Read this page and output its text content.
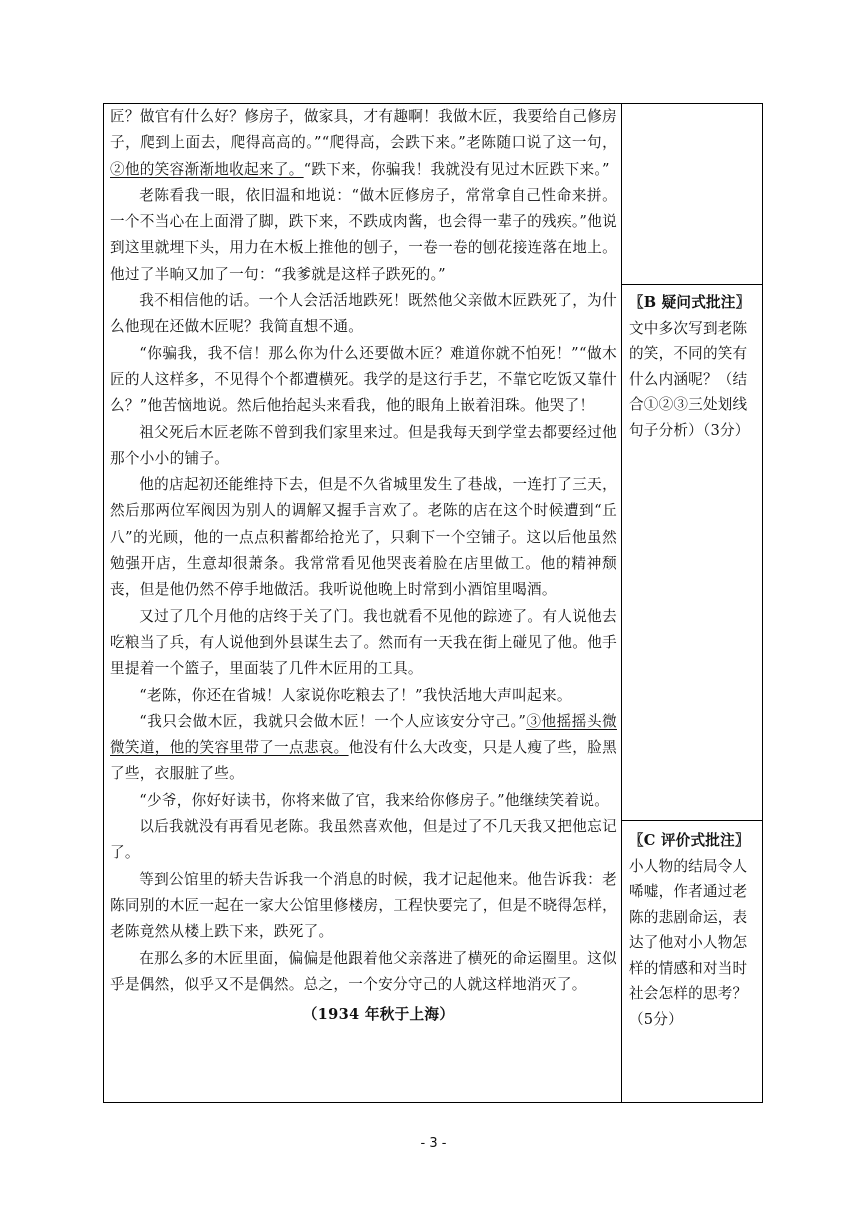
匠？做官有什么好？修房子，做家具，才有趣啊！我做木匠，我要给自己修房子，爬到上面去，爬得高高的。”“爬得高，会跌下来。”老陈随口说了这一句，②他的笑容渐渐地收起来了。“跌下来，你骗我！我就没有见过木匠跌下来。”

老陈看我一眼，依旧温和地说：“做木匠修房子，常常拿自己性命来拼。一个不当心在上面滑了脚，跌下来，不跌成肉酱，也会得一辈子的残疾。”他说到这里就埋下头，用力在木板上推他的刨子，一卷一卷的刨花接连落在地上。他过了半晌又加了一句：“我爹就是这样子跌死的。”

我不相信他的话。一个人会活活地跌死！既然他父亲做木匠跌死了，为什么他现在还做木匠呢？我简直想不通。

“你骗我，我不信！那么你为什么还要做木匠？难道你就不怕死！”“做木匠的人这样多，不见得个个都遭横死。我学的是这行手艺，不靠它吃饭又靠什么？”他苦恼地说。然后他抬起头来看我，他的眼角上嵌着泪珠。他哭了！

祖父死后木匠老陈不曾到我们家里来过。但是我每天到学堂去都要经过他那个小小的铺子。

他的店起初还能维持下去，但是不久省城里发生了巷战，一连打了三天，然后那两位军阀因为别人的调解又握手言欢了。老陈的店在这个时候遭到“丘八”的光顾，他的一点点积蓄都给抢光了，只剩下一个空铺子。这以后他虽然勉强开店，生意却很萧条。我常常看见他哭丧着脸在店里做工。他的精神颓丧，但是他仍然不停手地做活。我听说他晚上时常到小酒馆里喝酒。

又过了几个月他的店终于关了门。我也就看不见他的踪迹了。有人说他去吃粮当了兵，有人说他到外县谋生去了。然而有一天我在街上碰见了他。他手里提着一个篮子，里面装了几件木匠用的工具。

“老陈，你还在省城！人家说你吃粮去了！”我快活地大声叫起来。

“我只会做木匠，我就只会做木匠！一个人应该安分守己。”③他摇摇头微微笑道，他的笑容里带了一点悲哀。他没有什么大改变，只是人瘦了些，脸黑了些，衣服脏了些。

“少爷，你好好读书，你将来做了官，我来给你修房子。”他继续笑着说。

以后我就没有再看见老陈。我虽然喜欢他，但是过了不几天我又把他忘记了。

等到公馆里的轿夫告诉我一个消息的时候，我才记起他来。他告诉我：老陈同别的木匠一起在一家大公馆里修楼房，工程快要完了，但是不晓得怎样，老陈竟然从楼上跌下来，跌死了。

在那么多的木匠里面，偏偏是他跟着他父亲落进了横死的命运圈里。这似乎是偶然，似乎又不是偶然。总之，一个安分守己的人就这样地消灭了。

（1934 年秋于上海）

〖B 疑问式批注〗
文中多次写到老陈的笑，不同的笑有什么内涵呢？（结合①②③三处划线句子分析）（3分）
〖C 评价式批注〗
小人物的结局令人唏嘘，作者通过老陈的悲剧命运，表达了他对小人物怎样的情感和对当时社会怎样的思考？（5分）
- 3 -
